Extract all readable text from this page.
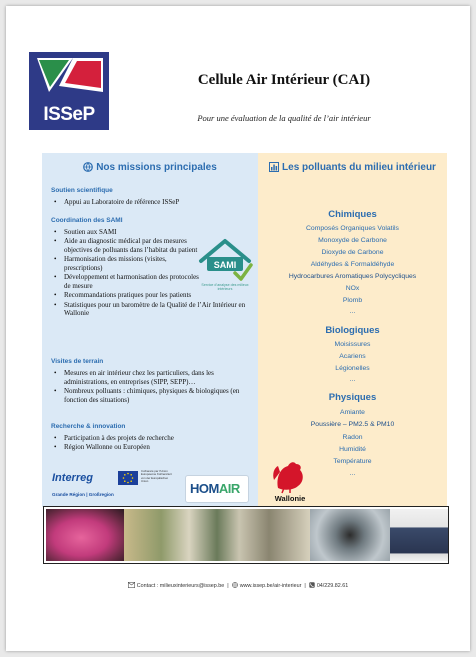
ISSeP
Cellule Air Intérieur (CAI)
Pour une évaluation de la qualité de l’air intérieur
Nos missions principales
Soutien scientifique
• Appui au Laboratoire de référence ISSeP
Coordination des SAMI
• Soutien aux SAMI
• Aide au diagnostic médical par des mesures objectives de polluants dans l’habitat du patient
• Harmonisation des missions (visites, prescriptions)
• Développement et harmonisation des protocoles de mesure
• Recommandations pratiques pour les patients
• Statistiques pour un baromètre de la Qualité de l’Air Intérieur en Wallonie
SAMI
Service d’analyse des milieux intérieurs
Visites de terrain
• Mesures en air intérieur chez les particuliers, dans les administrations, en entreprises (SIPP, SEPP)…
• Nombreux polluants : chimiques, physiques & biologiques (en fonction des situations)
Recherche & innovation
• Participation à des projets de recherche
• Région Wallonne ou Européen
Interreg
Grande Région | Großregion
Cofinancé par l’Union Européenne Kofinanziert von der Europäischen Union
HOMAIR
Les polluants du milieu intérieur
Chimiques
Composés Organiques Volatils
Monoxyde de Carbone
Dioxyde de Carbone
Aldéhydes & Formaldéhyde
Hydrocarbures Aromatiques Polycycliques
NOx
Plomb
…
Biologiques
Moisissures
Acariens
Légionelles
…
Physiques
Amiante
Poussière – PM2.5 & PM10
Radon
Humidité
Température
…
Wallonie
Contact : milieuxinterieurs@issep.be | www.issep.be/air-interieur | 04/229.82.61
